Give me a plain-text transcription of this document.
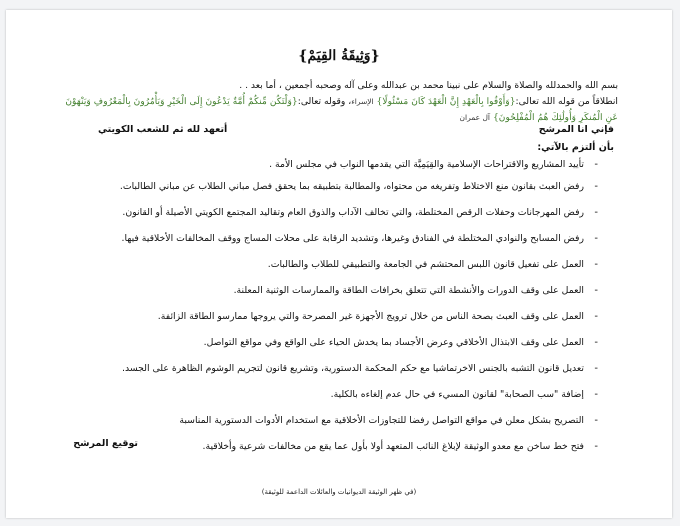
{وَثِيقَةُ القِيَمْ}
بسم الله والحمدلله والصلاة والسلام على نبينا محمد بن عبدالله وعلى آله وصحبه أجمعين ، أما بعد . .
انطلاقاً من قوله الله تعالى:{وَأَوْفُوا بِالْعَهْدِ إِنَّ الْعَهْدَ كَانَ مَسْئُولًا} الإسراء، وقوله تعالى:{وَلْتَكُن مِّنكُمْ أُمَّةٌ يَدْعُونَ إِلَى الْخَيْرِ وَيَأْمُرُونَ بِالْمَعْرُوفِ وَيَنْهَوْنَ عَنِ الْمُنكَرِ وَأُولَٰئِكَ هُمُ الْمُفْلِحُونَ} آل عمران
فإني انا المرشح
أتعهد لله ثم للشعب الكويتي
بأن ألتزم بالآتي:
-
تأييد المشاريع والاقتراحات الإسلامية والقِيَمِيَّة التي يقدمها النواب في مجلس الأمة .
-
رفض العبث بقانون منع الاختلاط وتفريغه من محتواه، والمطالبة بتطبيقه بما يحقق فصل مباني الطلاب عن مباني الطالبات.
-
رفض المهرجانات وحفلات الرقص المختلطة، والتي تخالف الآداب والذوق العام وتقاليد المجتمع الكويتي الأصيلة أو القانون.
-
رفض المسابح والنوادي المختلطة في الفنادق وغيرها، وتشديد الرقابة على محلات المساج ووقف المخالفات الأخلاقية فيها.
-
العمل على تفعيل قانون اللبس المحتشم في الجامعة والتطبيقي للطلاب والطالبات.
-
العمل على وقف الدورات والأنشطة التي تتعلق بخرافات الطاقة والممارسات الوثنية المعلنة.
-
العمل على وقف العبث بصحة الناس من خلال ترويج الأجهزة غير المصرحة والتي يروجها ممارسو الطاقة الزائفة.
-
العمل على وقف الابتذال الأخلاقي وعرض الأجساد بما يخدش الحياء على الواقع وفي مواقع التواصل.
-
تعديل قانون التشبه بالجنس الاخرتماشيا مع حكم المحكمة الدستورية، وتشريع قانون لتجريم الوشوم الظاهرة على الجسد.
-
إضافة "سب الصحابة" لقانون المسيء في حال عدم إلغاءه بالكلية.
-
التصريح بشكل معلن في مواقع التواصل رفضا للتجاوزات الأخلاقية مع استخدام الأدوات الدستورية المناسبة
-
فتح خط ساخن مع معدو الوثيقة لإبلاغ النائب المتعهد أولا بأول عما يقع من مخالفات شرعية وأخلاقية.
توقيع المرشح
(في ظهر الوثيقة الديوانيات والعائلات الداعمة للوثيقة)
